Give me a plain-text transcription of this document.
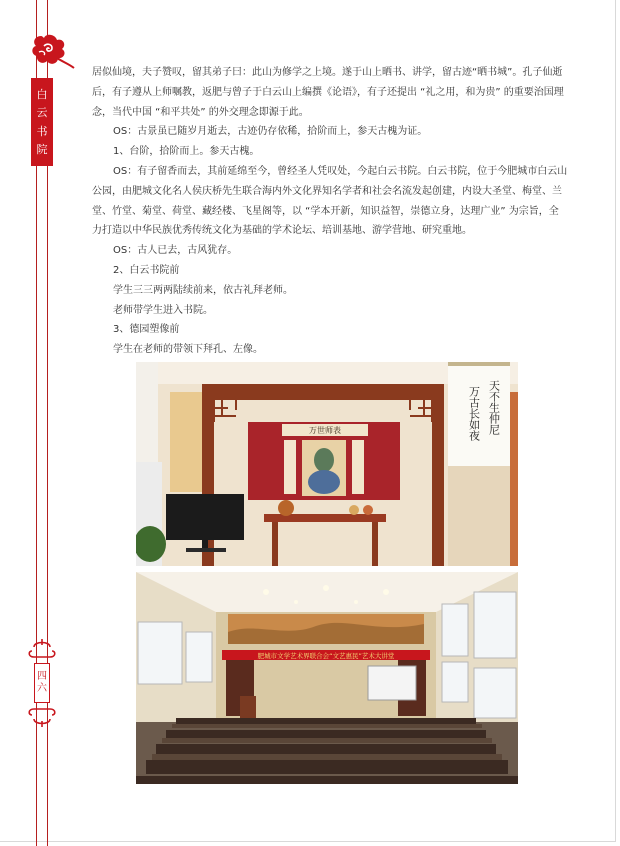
白
云
书
院
四
六

居似仙境，夫子赞叹，留其弟子曰：此山为修学之上境。遂于山上晒书、讲学，留古迹“晒书城”。孔子仙逝后，有子遵从上师嘱教，返肥与曾子于白云山上编撰《论语》，有子还提出 “礼之用，和为贵” 的重要治国理念，当代中国 “和平共处” 的外交理念即源于此。

OS：古景虽已随岁月逝去，古迹仍存依稀，拾阶而上，参天古槐为证。

1、台阶，拾阶而上。参天古槐。

OS：有子留香而去，其前延绵至今，曾经圣人凭叹处，今起白云书院。白云书院，位于今肥城市白云山公园，由肥城文化名人侯庆桥先生联合海内外文化界知名学者和社会名流发起创建，内设大圣堂、梅堂、兰堂、竹堂、菊堂、荷堂、藏经楼、飞星阁等，以 “学本开新，知识益智，崇德立身，达理广业” 为宗旨，全力打造以中华民族优秀传统文化为基础的学术论坛、培训基地、游学营地、研究重地。

OS：古人已去，古风犹存。

2、白云书院前

学生三三两两陆续前来，依古礼拜老师。

老师带学生进入书院。

3、德园塑像前

学生在老师的带领下拜孔、左像。

万世师表	天不生仲尼
万古长如夜
肥城市文学艺术界联合会“文艺惠民”艺术大讲堂
